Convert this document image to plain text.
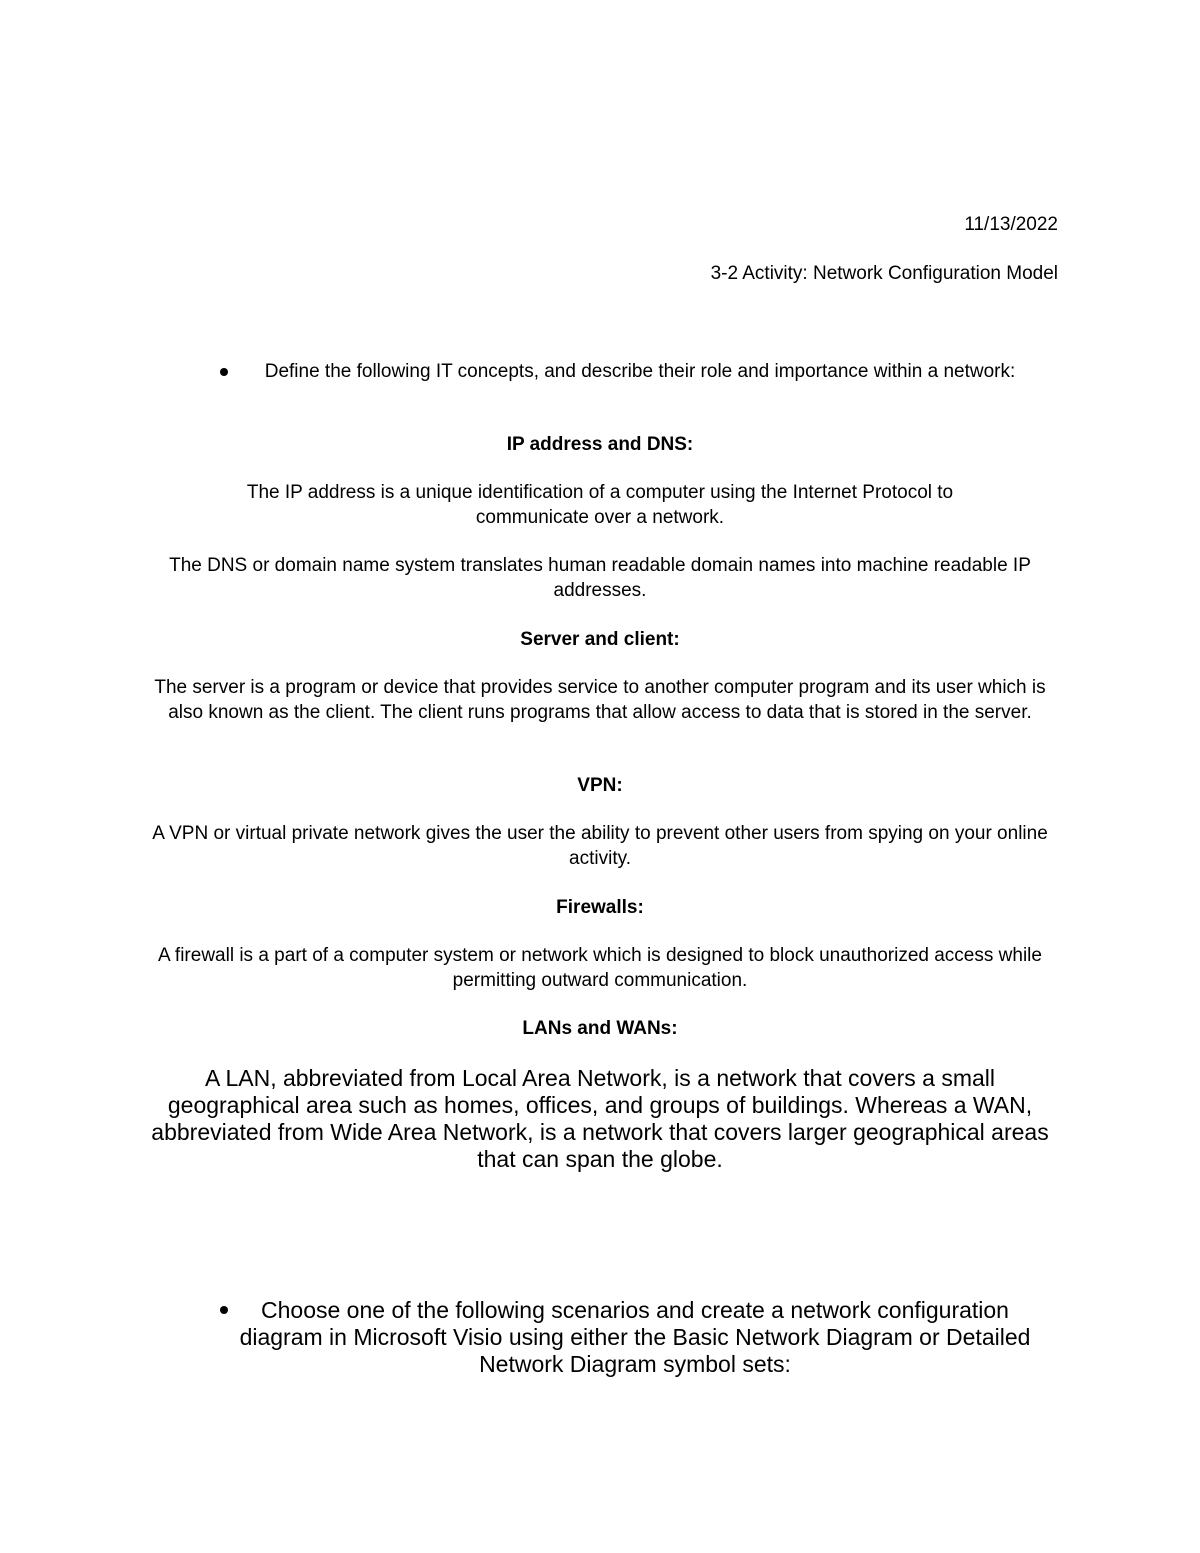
11/13/2022
3-2 Activity: Network Configuration Model
Define the following IT concepts, and describe their role and importance within a network:
IP address and DNS:
The IP address is a unique identification of a computer using the Internet Protocol to communicate over a network.
The DNS or domain name system translates human readable domain names into machine readable IP addresses.
Server and client:
The server is a program or device that provides service to another computer program and its user which is also known as the client. The client runs programs that allow access to data that is stored in the server.
VPN:
A VPN or virtual private network gives the user the ability to prevent other users from spying on your online activity.
Firewalls:
A firewall is a part of a computer system or network which is designed to block unauthorized access while permitting outward communication.
LANs and WANs:
A LAN, abbreviated from Local Area Network, is a network that covers a small geographical area such as homes, offices, and groups of buildings. Whereas a WAN, abbreviated from Wide Area Network, is a network that covers larger geographical areas that can span the globe.
Choose one of the following scenarios and create a network configuration diagram in Microsoft Visio using either the Basic Network Diagram or Detailed Network Diagram symbol sets:
